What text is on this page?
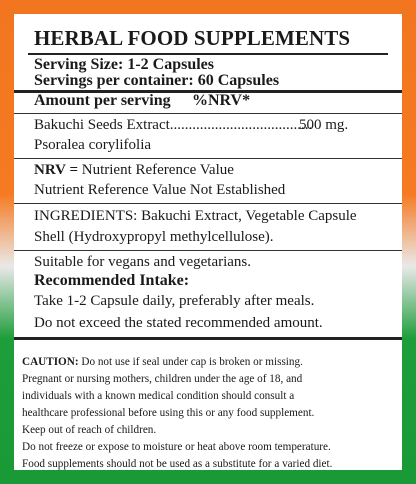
HERBAL FOOD SUPPLEMENTS
Serving Size: 1-2 Capsules
Servings per container: 60 Capsules
Amount per serving %NRV*
Bakuchi Seeds Extract......................................
500 mg.
Psoralea corylifolia
NRV = Nutrient Reference Value
Nutrient Reference Value Not Established
INGREDIENTS: Bakuchi Extract, Vegetable Capsule
Shell (Hydroxypropyl methylcellulose).
Suitable for vegans and vegetarians.
Recommended Intake:
Take 1-2 Capsule daily, preferably after meals.
Do not exceed the stated recommended amount.
CAUTION: Do not use if seal under cap is broken or missing.
Pregnant or nursing mothers, children under the age of 18, and
individuals with a known medical condition should consult a
healthcare professional before using this or any food supplement.
Keep out of reach of children.
Do not freeze or expose to moisture or heat above room temperature.
Food supplements should not be used as a substitute for a varied diet.
